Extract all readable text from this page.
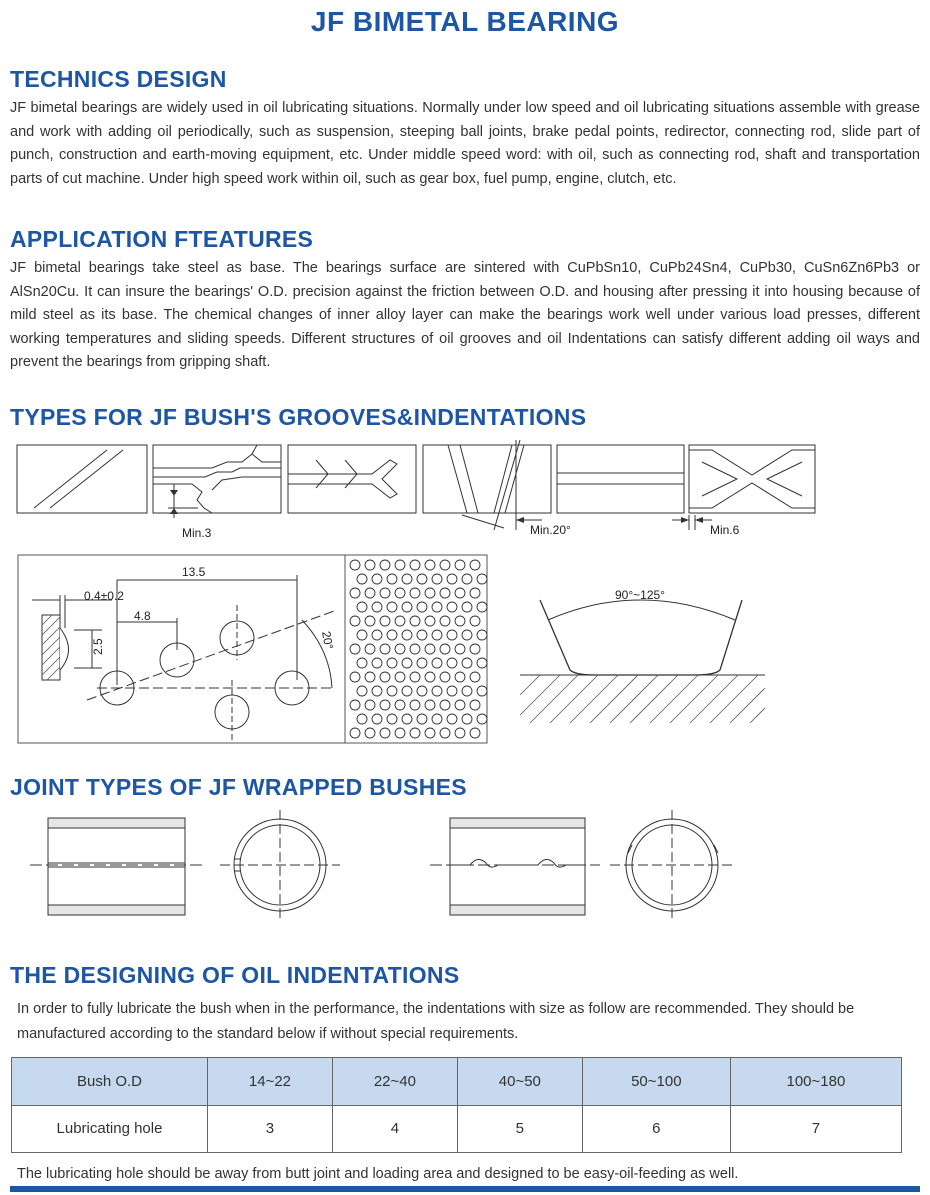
JF BIMETAL BEARING
TECHNICS DESIGN
JF bimetal bearings are widely used in oil lubricating situations. Normally under low speed and oil lubricating situations assemble with grease and work with adding oil periodically, such as suspension, steeping ball joints, brake pedal points, redirector, connecting rod, slide part of punch, construction and earth-moving equipment, etc. Under middle speed word: with oil, such as connecting rod, shaft and transportation parts of cut machine. Under high speed work within oil, such as gear box, fuel pump, engine, clutch, etc.
APPLICATION FTEATURES
JF bimetal bearings take steel as base. The bearings surface are sintered with CuPbSn10, CuPb24Sn4, CuPb30, CuSn6Zn6Pb3 or AlSn20Cu. It can insure the bearings' O.D. precision against the friction between O.D. and housing after pressing it into housing because of mild steel as its base. The chemical changes of inner alloy layer can make the bearings work well under various load presses, different working temperatures and sliding speeds. Different structures of oil grooves and oil Indentations can satisfy different adding oil ways and prevent the bearings from gripping shaft.
TYPES FOR JF BUSH'S GROOVES&INDENTATIONS
Min.3	Min.20°	Min.6
0.4±0.2
2.5
13.5
4.8
20°
90°~125°
JOINT TYPES OF JF WRAPPED BUSHES
THE DESIGNING OF OIL INDENTATIONS
In order to fully lubricate the bush when in the performance, the indentations with size as follow are recommended. They should be manufactured according to the standard below if without special requirements.
Bush O.D	14~22	22~40	40~50	50~100	100~180
Lubricating hole	3	4	5	6	7
The lubricating hole should be away from butt joint and loading area and designed to be easy-oil-feeding as well.
